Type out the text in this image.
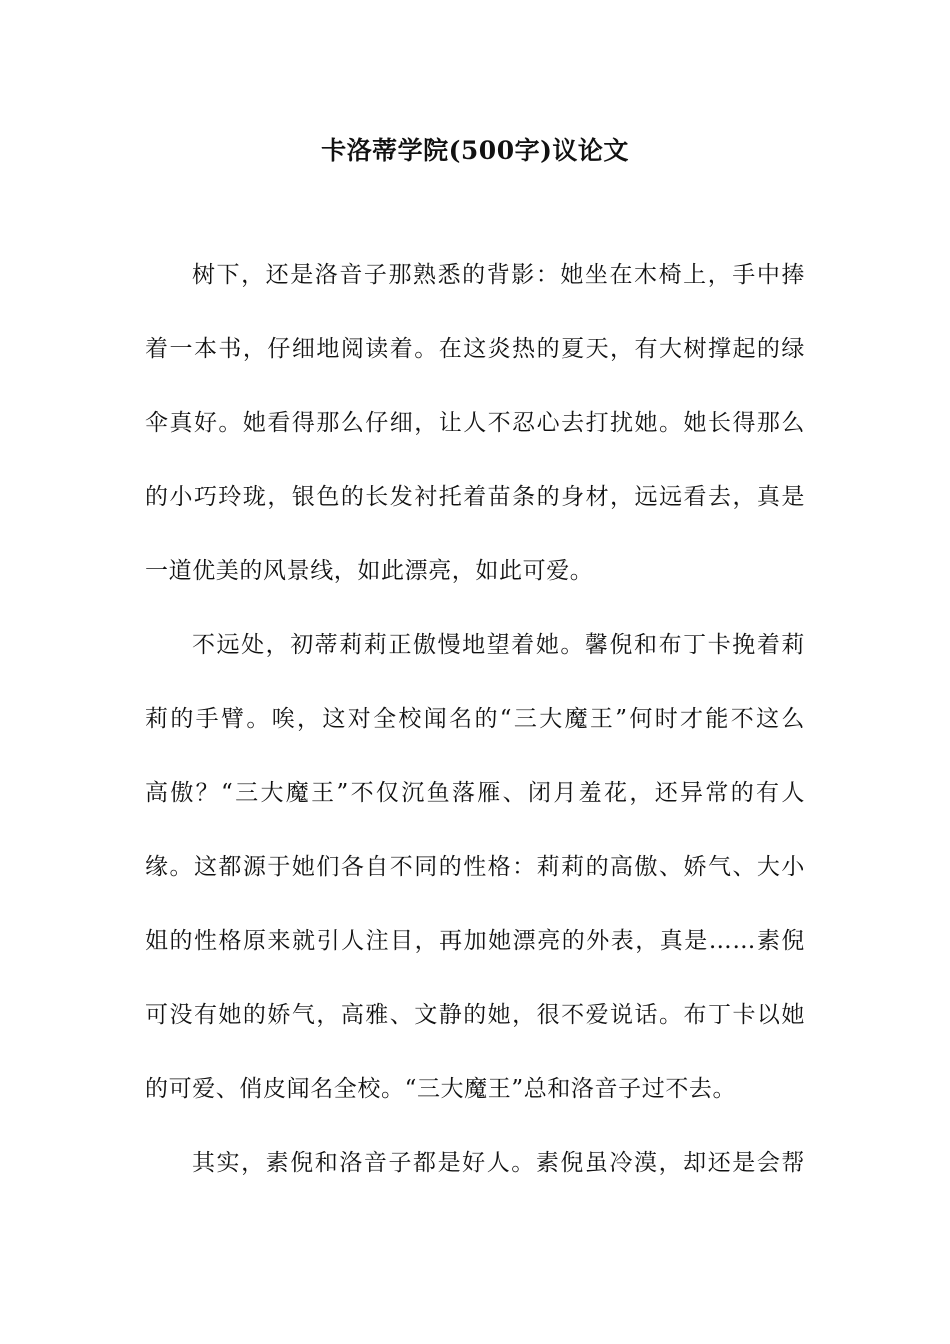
卡洛蒂学院(500字)议论文
树下，还是洛音子那熟悉的背影：她坐在木椅上，手中捧
着一本书，仔细地阅读着。在这炎热的夏天，有大树撑起的绿
伞真好。她看得那么仔细，让人不忍心去打扰她。她长得那么
的小巧玲珑，银色的长发衬托着苗条的身材，远远看去，真是
一道优美的风景线，如此漂亮，如此可爱。
不远处，初蒂莉莉正傲慢地望着她。馨倪和布丁卡挽着莉
莉的手臂。唉，这对全校闻名的“三大魔王”何时才能不这么
高傲？“三大魔王”不仅沉鱼落雁、闭月羞花，还异常的有人
缘。这都源于她们各自不同的性格：莉莉的高傲、娇气、大小
姐的性格原来就引人注目，再加她漂亮的外表，真是……素倪
可没有她的娇气，高雅、文静的她，很不爱说话。布丁卡以她
的可爱、俏皮闻名全校。“三大魔王”总和洛音子过不去。
其实，素倪和洛音子都是好人。素倪虽冷漠，却还是会帮
